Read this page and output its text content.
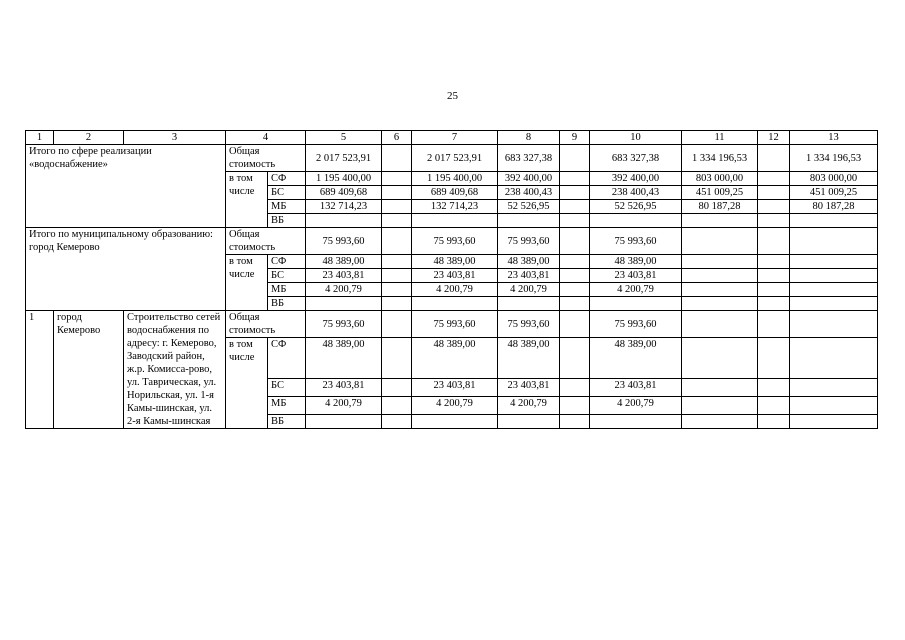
25
1	2	3	4		5	6	7	8	9	10	11	12	13
Итого по сфере реализации «водоснабжение»			Общая стоимость		2 017 523,91		2 017 523,91	683 327,38		683 327,38	1 334 196,53		1 334 196,53
			в том числе	СФ	1 195 400,00		1 195 400,00	392 400,00		392 400,00	803 000,00		803 000,00
				БС	689 409,68		689 409,68	238 400,43		238 400,43	451 009,25		451 009,25
				МБ	132 714,23		132 714,23	52 526,95		52 526,95	80 187,28		80 187,28
				ВБ									
Итого по муниципальному образованию: город Кемерово			Общая стоимость		75 993,60		75 993,60	75 993,60		75 993,60			
			в том числе	СФ	48 389,00		48 389,00	48 389,00		48 389,00			
				БС	23 403,81		23 403,81	23 403,81		23 403,81			
				МБ	4 200,79		4 200,79	4 200,79		4 200,79			
				ВБ									
1	город Кемерово	Строительство сетей водоснабжения по адресу: г. Кемерово, Заводский район, ж.р. Комисса-рово, ул. Таврическая, ул. Норильская, ул. 1-я Камы-шинская, ул. 2-я Камы-шинская	Общая стоимость		75 993,60		75 993,60	75 993,60		75 993,60			
			в том числе	СФ	48 389,00		48 389,00	48 389,00		48 389,00			
				БС	23 403,81		23 403,81	23 403,81		23 403,81			
				МБ	4 200,79		4 200,79	4 200,79		4 200,79			
				ВБ									
